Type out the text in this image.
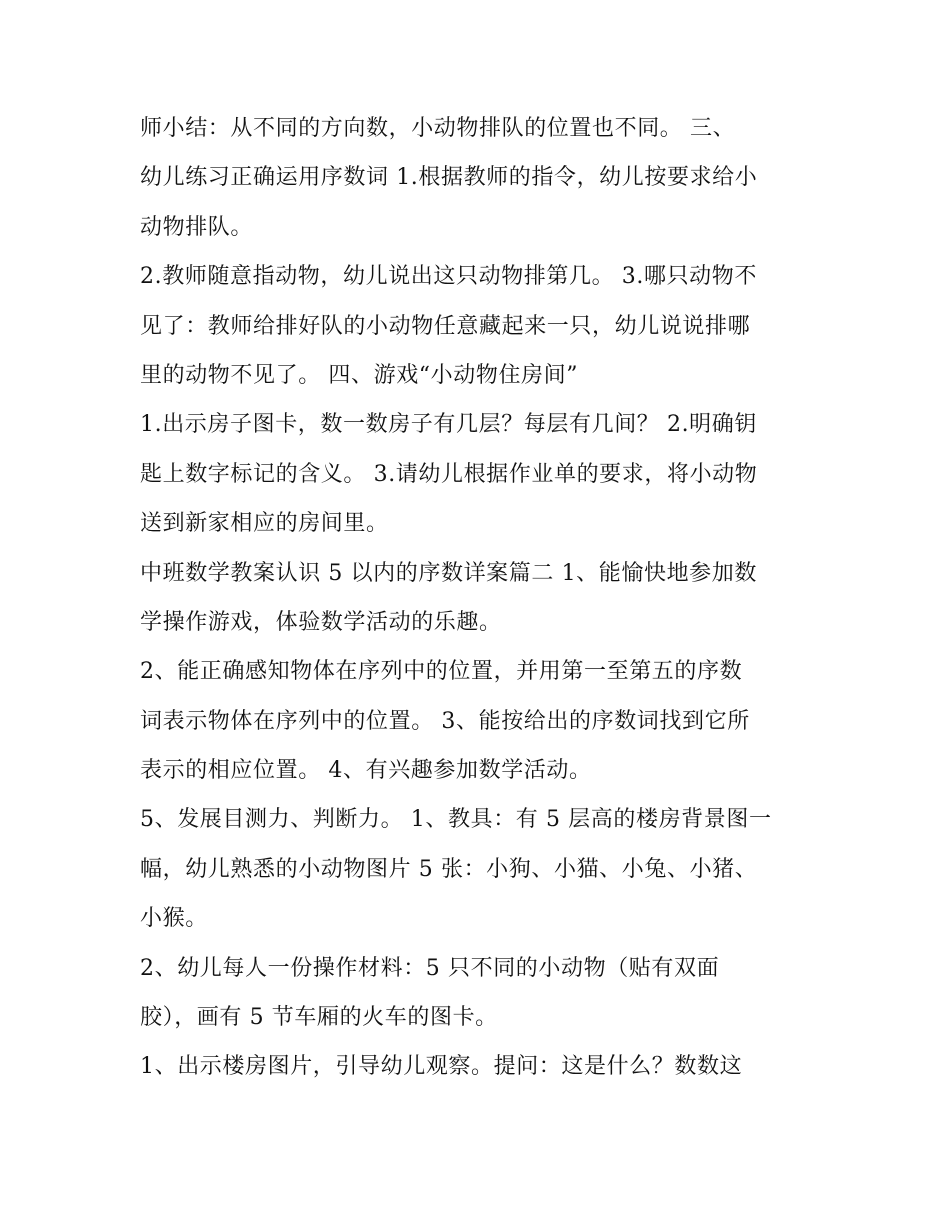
师小结：从不同的方向数，小动物排队的位置也不同。 三、
幼儿练习正确运用序数词 1.根据教师的指令，幼儿按要求给小
动物排队。
2.教师随意指动物，幼儿说出这只动物排第几。 3.哪只动物不
见了：教师给排好队的小动物任意藏起来一只，幼儿说说排哪
里的动物不见了。 四、游戏“小动物住房间”
1.出示房子图卡，数一数房子有几层？每层有几间？ 2.明确钥
匙上数字标记的含义。 3.请幼儿根据作业单的要求，将小动物
送到新家相应的房间里。
中班数学教案认识 5 以内的序数详案篇二 1、能愉快地参加数
学操作游戏，体验数学活动的乐趣。
2、能正确感知物体在序列中的位置，并用第一至第五的序数
词表示物体在序列中的位置。 3、能按给出的序数词找到它所
表示的相应位置。 4、有兴趣参加数学活动。
5、发展目测力、判断力。 1、教具：有 5 层高的楼房背景图一
幅，幼儿熟悉的小动物图片 5 张：小狗、小猫、小兔、小猪、
小猴。
2、幼儿每人一份操作材料：5 只不同的小动物（贴有双面
胶），画有 5 节车厢的火车的图卡。
1、出示楼房图片，引导幼儿观察。提问：这是什么？数数这
